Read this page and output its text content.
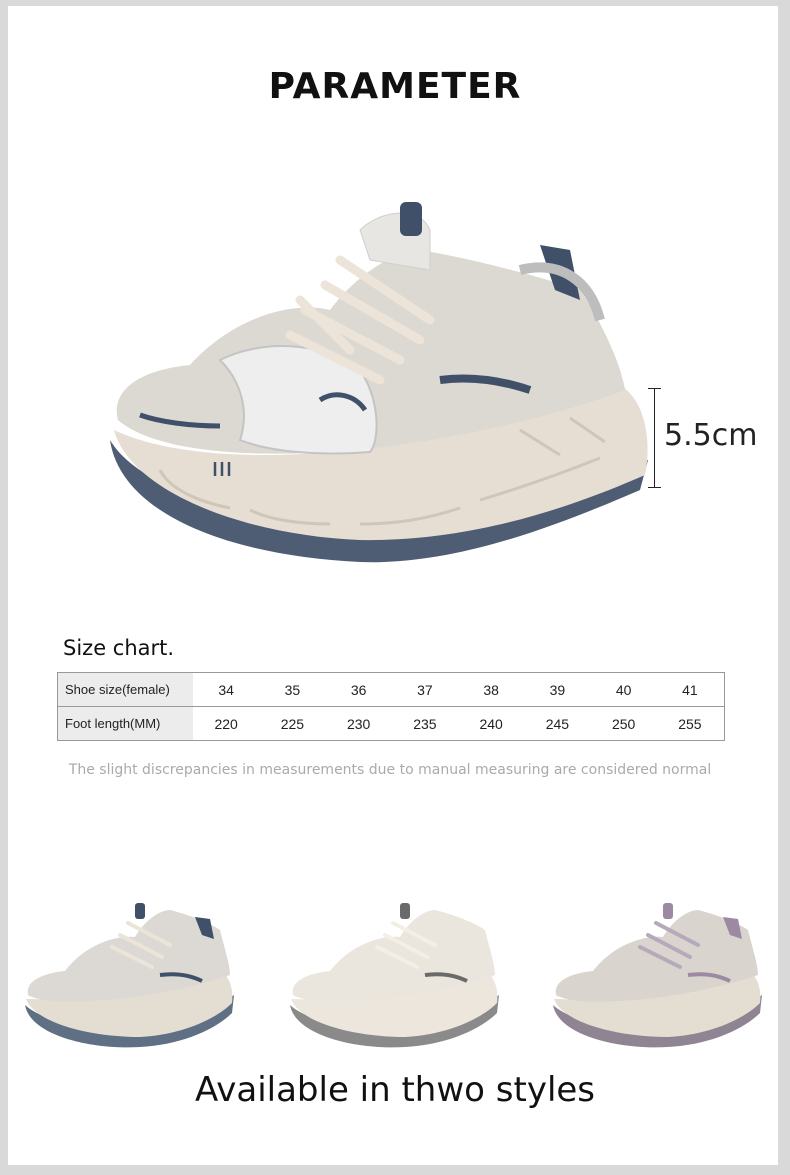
PARAMETER
5.5cm
Size chart.
Shoe size(female)	34	35	36	37	38	39	40	41	
Foot length(MM)	220	225	230	235	240	245	250	255	
The slight discrepancies in measurements due to manual measuring are considered normal
Available in thwo styles
